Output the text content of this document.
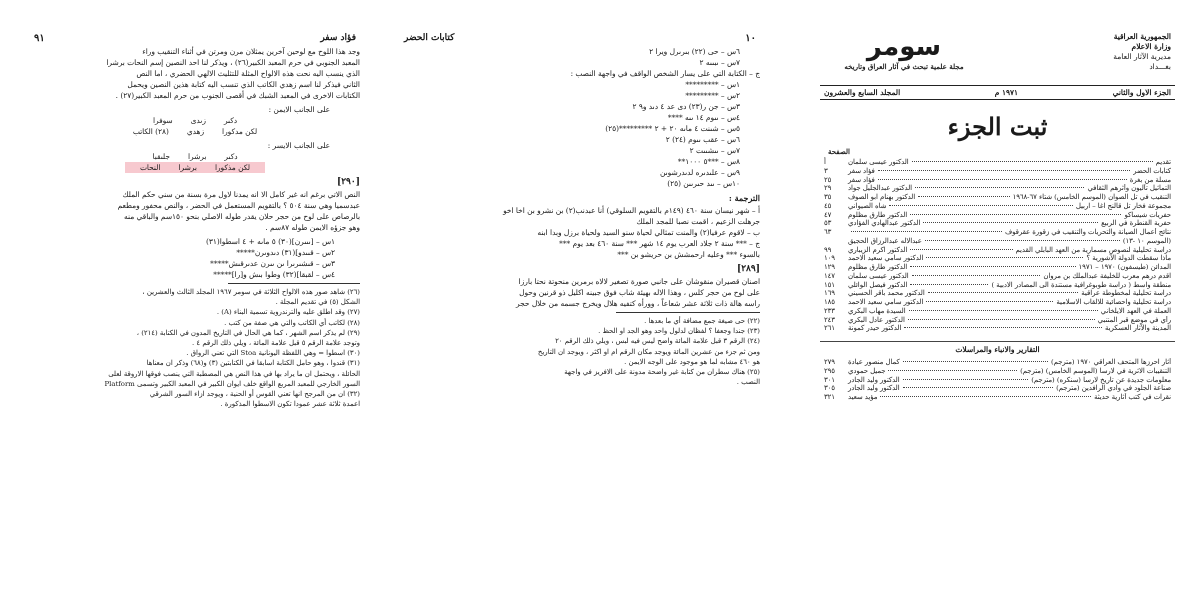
فؤاد سفر
٩١
وجد هذا اللوح مع لوحين آخرين يمثلان مرن ومرتن في أثناء التنقيب وراء
المعبد الجنوبي في حرم المعبد الكبير(٢٦) ، ويذكر لنا احد النصين إسم النحات برشرا
الذي ينسب اليه نحت هذه الالواح المثلة للتثليث الالهي الحضري ، اما النص
الثاني فيذكر لنا اسم زهدي الكاتب الذي تنسب اليه كتابة هذين النصين ويحمل
الكتابات الاخرى في المعبد الشبك في أقصى الجنوب من حرم المعبد الكبير(٢٧) .
على الجانب الايمن :
دكىر
زىدى
سوفرا
لكن مدكورا
زهدي
(٢٨) الكاتب
على الجانب الايسر :
دكىر
برشرا
جلىقبا
لكن مذكورا
برشرا
النحات
[٢٩٠]
النص الاتي برغم انه غير كامل الا انه يمدنا لاول مرة بسنة من سني حكم الملك
عبدسميا وهي سنة ٥٠٤ ؟ بالتقويم المستعمل في الحضر ، والنص محفور ومطعم
بالرصاص على لوح من حجر حلان يقدر طوله الاصلي بنحو ١٥٠سم والباقي منه
وهو جزؤه الايمن طوله ٨٧سم .
١س – [ىىىرن](٣٠) ٥ ماىه + ٤ اسطوا(٣١)
٢س – قىىدو](٣١) دىدوىرن*****
٣س – قىشىرىرا ىن ىىرن عدىرقىش*****
٤س – لقبقا](٣٢) وطوا بىش و[را]*****
(٢٦) شاهد صور هذه الالواح الثلاثة في سومر ١٩٦٧ المجلد الثالث والعشرين ،
الشكل (٥) في تقديم المجلة .
(٢٧) وقد اطلق عليه والترندروية تسمية البناء (A) .
(٢٨) لكاتب أي الكاتب والتي هي صفة من كتب .
(٢٩) لم يذكر اسم الشهر ، كما هي الحال في التاريخ المدون في الكتابة (٢١٤) ،
وتوجد علامة الرقم ٥ قبل علامة المائة ، ويلي ذلك الرقم ٤ .
(٣٠) اسطوا = وهي اللفظة اليونانية Stoa التي تعني الرواق .
(٣١) قندوا ، وهو حامل الكتابة اسابقا في الكتابتين (٣) و(٦٨) وذكر ان معناها
الحائلة ، ويحتمل ان ما يراد بها في هذا النص هي المصطبة التي ينصب فوقها الاروقة لعلى
السور الخارجي للمعبد المربع الواقع خلف ايوان الكبير في المعبد الكبير وتسمى Platform
(٣٢) ان من المرجح انها تعني القوس أو الحنية ، ويوجد ازاء السور الشرقي
اعمدة ثلاثة عشر عمودا تكون الاسطوا المذكورة .
١٠
كتابات الحضر
٦س – حى (٢٢) بىرىرل ويرا ٢
٧س – ىبىىه ٢
ج – الكتابة التي على يسار الشخص الواقف في واجهة النصب :
١س – *********
٢س – *********
٣س – جن ر(٢٣) دى عد ٤ دىد و٩ ٢
٤س – ىىوم ١٤ ىىه ****
٥س – شىنت ٤ ماىه ٢٠ + ٢ *********(٢٥)
٦س – عقب ىىوم (٢٤) ٢
٧س – ىىشىىت ٢
٨س – ***٥ ١٠٠٠**
٩س – علىدىره لدىدرشوىن
١٠س – ىىد حىرىىن (٢٥)
الترجمة :
أ – شهر نيسان سنة ٤٦٠ (١٤٩م بالتقويم السلوقي) أنا عبدنب(٢) بن نشرو بن اخا اخو
جرهلت الزعيم ، اقمت نصبا للمجد الملك
ب – لاقوم عرفيا(٢) والمنت تمثالي لحياة سنو السيد ولحياة برزل وبدا ابنه
ج – *** سنة ٢ جلاد العرب يوم ١٤ شهر *** سنة ٤٦٠ بعد يوم ***
بالسوء *** وعليه ارحمشش بن حريشو بن ***
[٢٨٩]
اصنان قصيران منقوشان على جانبي صورة تصغير لالاه برمرين منحوتة نحتا بارزا
على لوح من حجر كلس ، وهذا الاله بهيئة شاب فوق جبينه اكليل ذو قرنين وحول
راسه هالة ذات ثلاثة عشر شعاعاً ، وورأه كتفيه هلال ويخرج جسمه من خلال حجر
(٢٢) حى صيغة جمع مضافة أي ما بعدها .
(٢٣) جندا وجعفا ؟ لفظان لدلول واحد وهو الجد او الحظ .
(٢٤) الرقم ٣ قبل علامة المائة واضح ليس فيه لبس ، ويلي ذلك الرقم ٢٠
ومن ثم جزء من عشرين المائة ويوجد مكان الرقم ام او اكثر ، ويوجد ان التاريخ
هو ٤٦٠ مشابه لما هو موجود على الوجه الايمن .
(٢٥) هناك سطران من كتابة غير واضحة مدونة على الافريز في واجهة
النصب .
الجمهورية العراقية
وزارة الاعلام
مديرية الآثار العامة
بغـــداد
سومر
مجلة علمية تبحث في آثار العراق وتاريخه
الجزء الاول والثاني
١٩٧١ م
المجلد السابع والعشرون
ثبت الجزء
الصفحة
تقديم
الدكتور عيسى سلمان
أ
كتابات الحضر
فؤاد سفر
٣
مسلة من بغرة
فؤاد سفر
٢٥
التماثيل تآليون وأثرهم الثقافي
الدكتور عبدالجليل جواد
٢٩
التنقيب في تل الصوان (الموسم الخامس) شتاء ٦٧-١٩٦٨
الدكتور بهنام ابو الصوف
٣٥
مجموعة فخار تل قالنج اغا – اربيل
شاه الصيواني
٤٥
حفريات شيساكو
الدكتور طارق مظلوم
٤٧
حفرية القنطرة في الربيع
الدكتور عبدالهادي الفؤادي
٥٣
نتائج أعمال الصيانة والتحريات والتنقيب في زقورة عقرقوف
٦٣
(الموسم ١٠ -١٣)
عبدالاله عبدالرزاق الحجيق
دراسة تحليلية لنصوص مسمارية من العهد البابلي القديم
الدكتور اكرم الزيباري
٩٩
ماذا سقطت الدولة الآشورية ؟
الدكتور سامي سعيد الاحمد
١٠٩
المدائن (طيسفون) ١٩٧٠ – ١٩٧١
الدكتور طارق مظلوم
١٢٩
اقدم درهم معرب للخليفة عبدالملك بن مروان
الدكتور عيسى سلمان
١٤٧
منطقة واسط ( دراسة طوبوغرافية مستندة الى المصادر الادبية )
الدكتور فيصل الوائلي
١٥١
دراسة تحليلية لمخطوطة عراقية
الدكتور محمد باقر الحسيني
١٦٩
دراسة تحليلية واحصائية للالقاب الاسلامية
الدكتور سامي سعيد الاحمد
١٨٥
العملة في العهد الايلخاني
السيدة مهاب البكري
٢٣٣
رأي في موضع قبر المتنبي
الدكتور عادل البكري
٢٤٣
المدينة والآثار العسكرية
الدكتور حيدر كمونة
٢٦١
التقارير والانباء والمراسلات
آثار احرزها المتحف العراقي ١٩٧٠ (مترجم)
كمال منصور عيادة
٢٧٩
التنقيبات الاثرية في لارسا (الموسم الخامس) (مترجم)
جميل حمودي
٢٩٥
معلومات جديدة عن تاريخ لارسا (سنكره) (مترجم)
الدكتور وليد الجادر
٣٠١
صناعة الجلود في وادي الرافدين (مترجم)
الدكتور وليد الجادر
٣٠٥
نقرات في كتب آثارية حديثة
مؤيد سعيد
٣٢١
